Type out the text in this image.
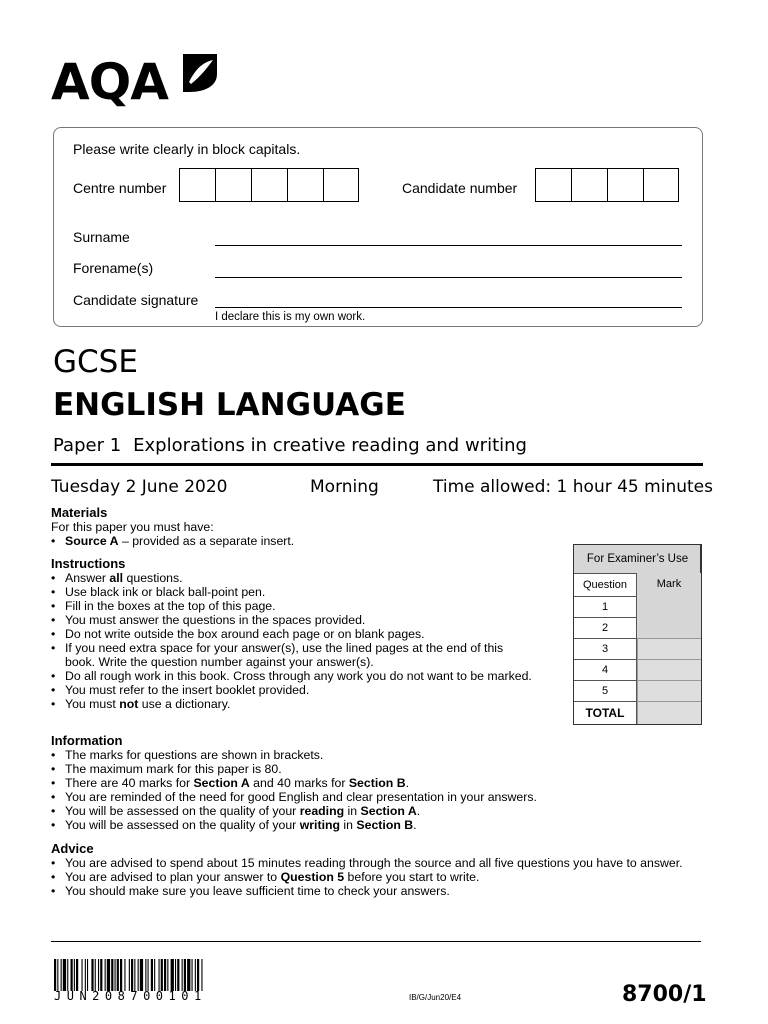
AQA
Please write clearly in block capitals.
Centre number	Candidate number
Surname
Forename(s)
Candidate signature
I declare this is my own work.
GCSE
ENGLISH LANGUAGE
Paper 1 Explorations in creative reading and writing
Tuesday 2 June 2020	Morning	Time allowed: 1 hour 45 minutes
Materials
For this paper you must have:
• Source A – provided as a separate insert.
Instructions
• Answer all questions.
• Use black ink or black ball-point pen.
• Fill in the boxes at the top of this page.
• You must answer the questions in the spaces provided.
• Do not write outside the box around each page or on blank pages.
• If you need extra space for your answer(s), use the lined pages at the end of this book. Write the question number against your answer(s).
• Do all rough work in this book. Cross through any work you do not want to be marked.
• You must refer to the insert booklet provided.
• You must not use a dictionary.
Information
• The marks for questions are shown in brackets.
• The maximum mark for this paper is 80.
• There are 40 marks for Section A and 40 marks for Section B.
• You are reminded of the need for good English and clear presentation in your answers.
• You will be assessed on the quality of your reading in Section A.
• You will be assessed on the quality of your writing in Section B.
Advice
• You are advised to spend about 15 minutes reading through the source and all five questions you have to answer.
• You are advised to plan your answer to Question 5 before you start to write.
• You should make sure you leave sufficient time to check your answers.
For Examiner’s Use
Question	Mark
1
2
3
4
5
TOTAL
JUN208700101	IB/G/Jun20/E4	8700/1
